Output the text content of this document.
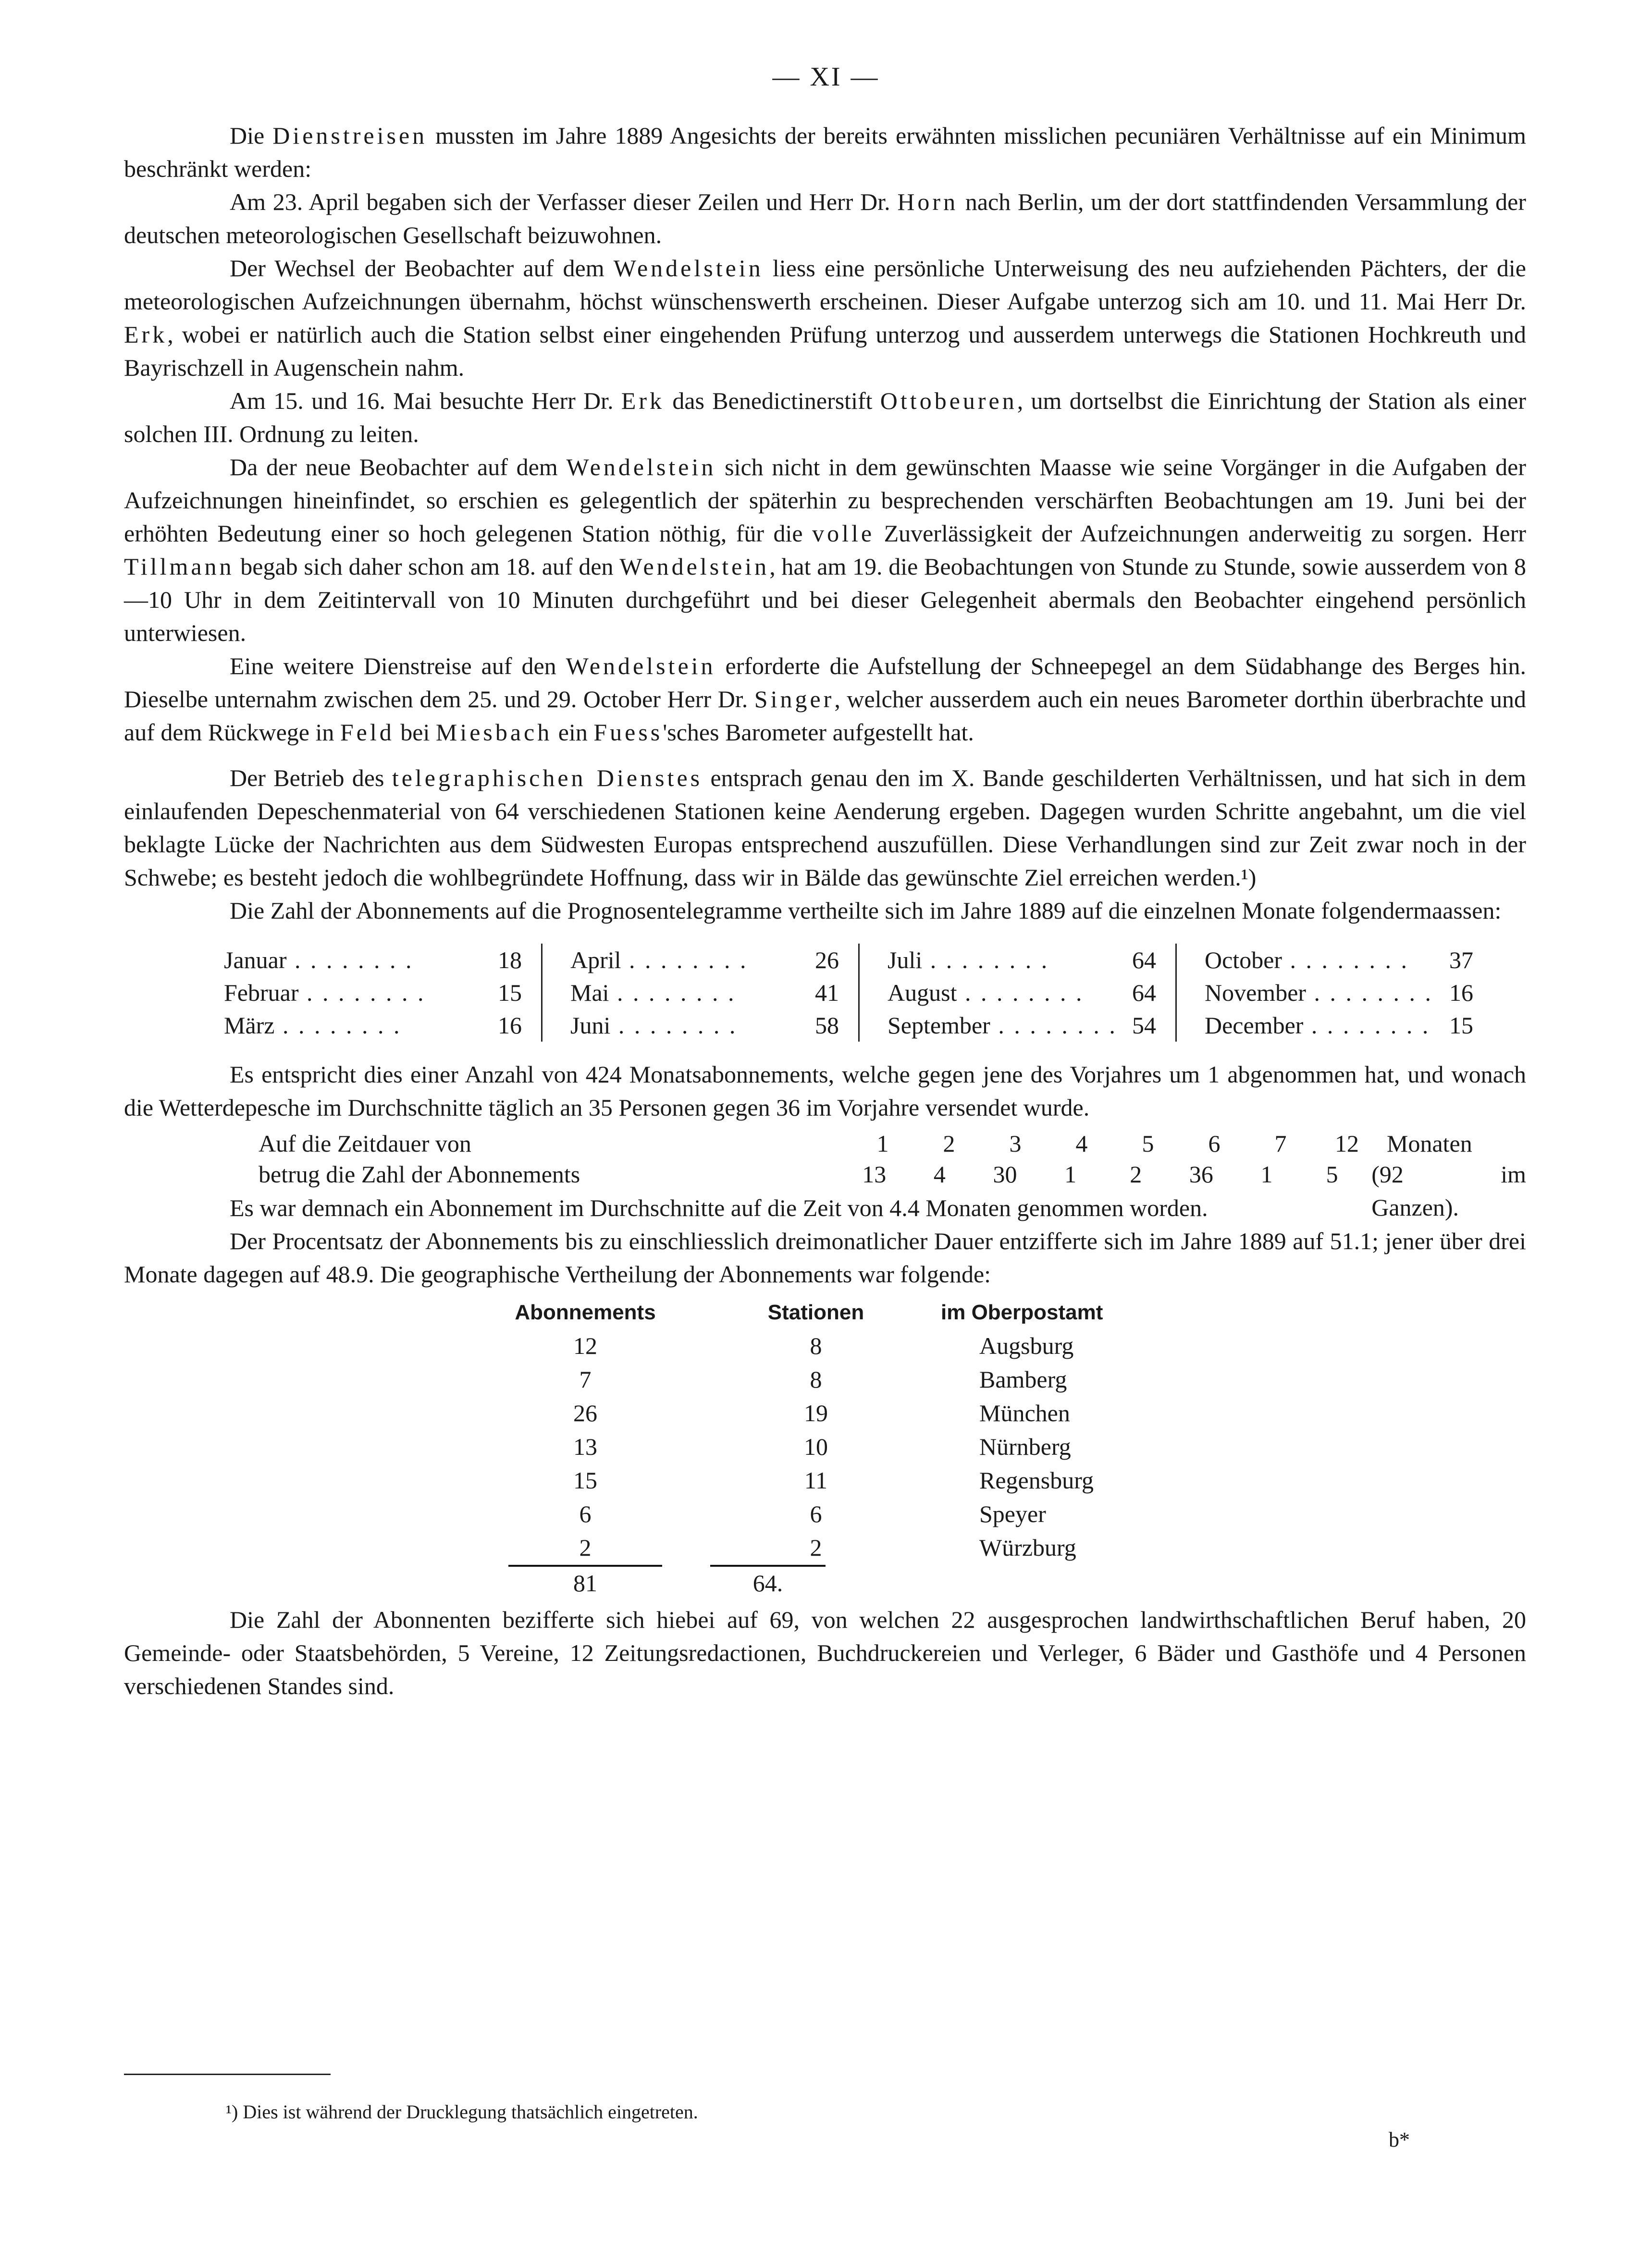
— XI —

Die Dienstreisen mussten im Jahre 1889 Angesichts der bereits erwähnten misslichen pecuniären Verhältnisse auf ein Minimum beschränkt werden:

Am 23. April begaben sich der Verfasser dieser Zeilen und Herr Dr. Horn nach Berlin, um der dort stattfindenden Versammlung der deutschen meteorologischen Gesellschaft beizuwohnen.

Der Wechsel der Beobachter auf dem Wendelstein liess eine persönliche Unterweisung des neu aufziehenden Pächters, der die meteorologischen Aufzeichnungen übernahm, höchst wünschenswerth erscheinen. Dieser Aufgabe unterzog sich am 10. und 11. Mai Herr Dr. Erk, wobei er natürlich auch die Station selbst einer eingehenden Prüfung unterzog und ausserdem unterwegs die Stationen Hochkreuth und Bayrischzell in Augenschein nahm.

Am 15. und 16. Mai besuchte Herr Dr. Erk das Benedictinerstift Ottobeuren, um dortselbst die Einrichtung der Station als einer solchen III. Ordnung zu leiten.

Da der neue Beobachter auf dem Wendelstein sich nicht in dem gewünschten Maasse wie seine Vorgänger in die Aufgaben der Aufzeichnungen hineinfindet, so erschien es gelegentlich der späterhin zu besprechenden verschärften Beobachtungen am 19. Juni bei der erhöhten Bedeutung einer so hoch gelegenen Station nöthig, für die volle Zuverlässigkeit der Aufzeichnungen anderweitig zu sorgen. Herr Tillmann begab sich daher schon am 18. auf den Wendelstein, hat am 19. die Beobachtungen von Stunde zu Stunde, sowie ausserdem von 8—10 Uhr in dem Zeitintervall von 10 Minuten durchgeführt und bei dieser Gelegenheit abermals den Beobachter eingehend persönlich unterwiesen.

Eine weitere Dienstreise auf den Wendelstein erforderte die Aufstellung der Schneepegel an dem Südabhange des Berges hin. Dieselbe unternahm zwischen dem 25. und 29. October Herr Dr. Singer, welcher ausserdem auch ein neues Barometer dorthin überbrachte und auf dem Rückwege in Feld bei Miesbach ein Fuess'sches Barometer aufgestellt hat.

Der Betrieb des telegraphischen Dienstes entsprach genau den im X. Bande geschilderten Verhältnissen, und hat sich in dem einlaufenden Depeschenmaterial von 64 verschiedenen Stationen keine Aenderung ergeben. Dagegen wurden Schritte angebahnt, um die viel beklagte Lücke der Nachrichten aus dem Südwesten Europas entsprechend auszufüllen. Diese Verhandlungen sind zur Zeit zwar noch in der Schwebe; es besteht jedoch die wohlbegründete Hoffnung, dass wir in Bälde das gewünschte Ziel erreichen werden.¹)

Die Zahl der Abonnements auf die Prognosentelegramme vertheilte sich im Jahre 1889 auf die einzelnen Monate folgendermaassen:

Januar . . .	18
Februar . . .	15
März . . .	16
April . . .	26
Mai . . .	41
Juni . . .	58
Juli . . .	64
August . . .	64
September . . .	54
October . . .	37
November . . .	16
December . . .	15

Es entspricht dies einer Anzahl von 424 Monatsabonnements, welche gegen jene des Vorjahres um 1 abgenommen hat, und wonach die Wetterdepesche im Durchschnitte täglich an 35 Personen gegen 36 im Vorjahre versendet wurde.

Auf die Zeitdauer von	1	2	3	4	5	6	7	12	Monaten
betrug die Zahl der Abonnements	13	4	30	1	2	36	1	5	(92 im Ganzen).

Es war demnach ein Abonnement im Durchschnitte auf die Zeit von 4.4 Monaten genommen worden.

Der Procentsatz der Abonnements bis zu einschliesslich dreimonatlicher Dauer entzifferte sich im Jahre 1889 auf 51.1; jener über drei Monate dagegen auf 48.9. Die geographische Vertheilung der Abonnements war folgende:

Abonnements	Stationen	im Oberpostamt
12	8	Augsburg
7	8	Bamberg
26	19	München
13	10	Nürnberg
15	11	Regensburg
6	6	Speyer
2	2	Würzburg
81	64.

Die Zahl der Abonnenten bezifferte sich hiebei auf 69, von welchen 22 ausgesprochen landwirthschaftlichen Beruf haben, 20 Gemeinde- oder Staatsbehörden, 5 Vereine, 12 Zeitungsredactionen, Buchdruckereien und Verleger, 6 Bäder und Gasthöfe und 4 Personen verschiedenen Standes sind.

¹) Dies ist während der Drucklegung thatsächlich eingetreten.
b*
